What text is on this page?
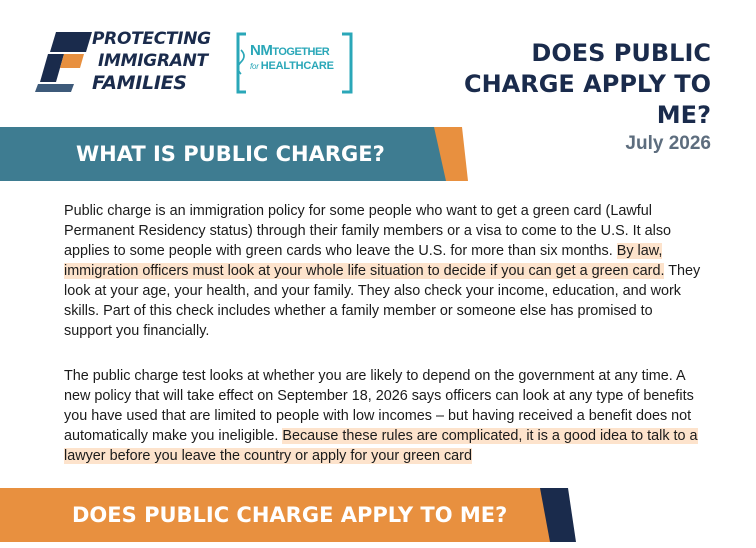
PROTECTING
IMMIGRANT
FAMILIES
NMTOGETHER
for HEALTHCARE	DOES PUBLIC CHARGE APPLY TO ME?
July 2026
WHAT IS PUBLIC CHARGE?
Public charge is an immigration policy for some people who want to get a green card (Lawful Permanent Residency status) through their family members or a visa to come to the U.S. It also applies to some people with green cards who leave the U.S. for more than six months. By law, immigration officers must look at your whole life situation to decide if you can get a green card. They look at your age, your health, and your family. They also check your income, education, and work skills. Part of this check includes whether a family member or someone else has promised to support you financially.
The public charge test looks at whether you are likely to depend on the government at any time. A new policy that will take effect on September 18, 2026 says officers can look at any type of benefits you have used that are limited to people with low incomes – but having received a benefit does not automatically make you ineligible. Because these rules are complicated, it is a good idea to talk to a lawyer before you leave the country or apply for your green card
DOES PUBLIC CHARGE APPLY TO ME?
